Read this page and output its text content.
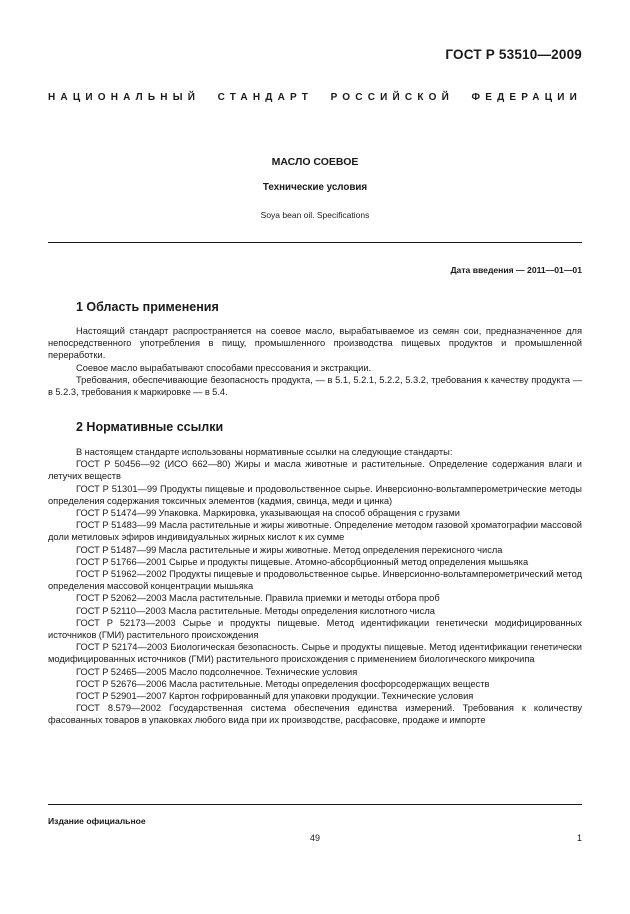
ГОСТ Р 53510—2009
НАЦИОНАЛЬНЫЙ СТАНДАРТ РОССИЙСКОЙ ФЕДЕРАЦИИ
МАСЛО СОЕВОЕ
Технические условия
Soya bean oil. Specifications
Дата введения — 2011—01—01
1 Область применения

Настоящий стандарт распространяется на соевое масло, вырабатываемое из семян сои, предназначенное для непосредственного употребления в пищу, промышленного производства пищевых продуктов и промышленной переработки.

Соевое масло вырабатывают способами прессования и экстракции.

Требования, обеспечивающие безопасность продукта, — в 5.1, 5.2.1, 5.2.2, 5.3.2, требования к качеству продукта — в 5.2.3, требования к маркировке — в 5.4.

2 Нормативные ссылки

В настоящем стандарте использованы нормативные ссылки на следующие стандарты:

ГОСТ Р 50456—92 (ИСО 662—80) Жиры и масла животные и растительные. Определение содержания влаги и летучих веществ

ГОСТ Р 51301—99 Продукты пищевые и продовольственное сырье. Инверсионно-вольтамперометрические методы определения содержания токсичных элементов (кадмия, свинца, меди и цинка)

ГОСТ Р 51474—99 Упаковка. Маркировка, указывающая на способ обращения с грузами

ГОСТ Р 51483—99 Масла растительные и жиры животные. Определение методом газовой хроматографии массовой доли метиловых эфиров индивидуальных жирных кислот к их сумме

ГОСТ Р 51487—99 Масла растительные и жиры животные. Метод определения перекисного числа

ГОСТ Р 51766—2001 Сырье и продукты пищевые. Атомно-абсорбционный метод определения мышьяка

ГОСТ Р 51962—2002 Продукты пищевые и продовольственное сырье. Инверсионно-вольтамперометрический метод определения массовой концентрации мышьяка

ГОСТ Р 52062—2003 Масла растительные. Правила приемки и методы отбора проб

ГОСТ Р 52110—2003 Масла растительные. Методы определения кислотного числа

ГОСТ Р 52173—2003 Сырье и продукты пищевые. Метод идентификации генетически модифицированных источников (ГМИ) растительного происхождения

ГОСТ Р 52174—2003 Биологическая безопасность. Сырье и продукты пищевые. Метод идентификации генетически модифицированных источников (ГМИ) растительного происхождения с применением биологического микрочипа

ГОСТ Р 52465—2005 Масло подсолнечное. Технические условия

ГОСТ Р 52676—2006 Масла растительные. Методы определения фосфорсодержащих веществ

ГОСТ Р 52901—2007 Картон гофрированный для упаковки продукции. Технические условия

ГОСТ 8.579—2002 Государственная система обеспечения единства измерений. Требования к количеству фасованных товаров в упаковках любого вида при их производстве, расфасовке, продаже и импорте

Издание официальное
49	1
